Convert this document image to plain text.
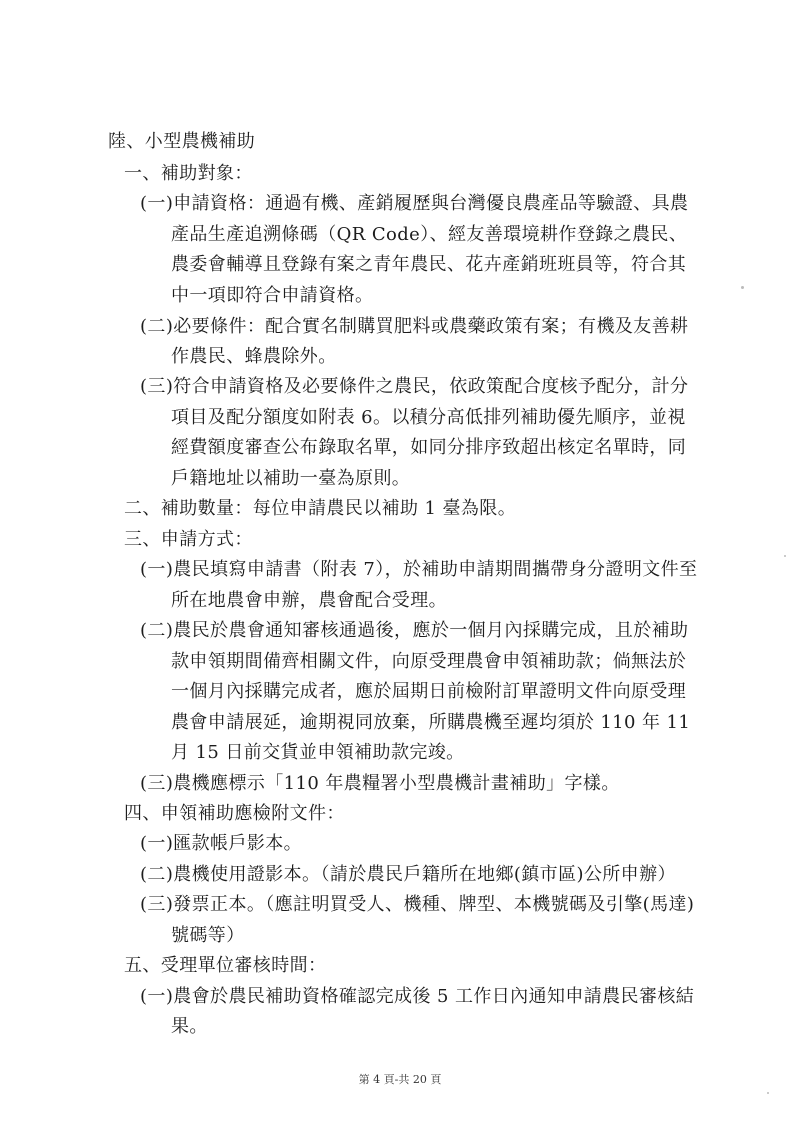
陸、小型農機補助
一、補助對象：
(一)申請資格：通過有機、產銷履歷與台灣優良農產品等驗證、具農
產品生產追溯條碼（QR Code）、經友善環境耕作登錄之農民、
農委會輔導且登錄有案之青年農民、花卉產銷班班員等，符合其
中一項即符合申請資格。
(二)必要條件：配合實名制購買肥料或農藥政策有案；有機及友善耕
作農民、蜂農除外。
(三)符合申請資格及必要條件之農民，依政策配合度核予配分，計分
項目及配分額度如附表 6。以積分高低排列補助優先順序，並視
經費額度審查公布錄取名單，如同分排序致超出核定名單時，同
戶籍地址以補助一臺為原則。
二、補助數量：每位申請農民以補助 1 臺為限。
三、申請方式：
(一)農民填寫申請書（附表 7），於補助申請期間攜帶身分證明文件至
所在地農會申辦，農會配合受理。
(二)農民於農會通知審核通過後，應於一個月內採購完成，且於補助
款申領期間備齊相關文件，向原受理農會申領補助款；倘無法於
一個月內採購完成者，應於屆期日前檢附訂單證明文件向原受理
農會申請展延，逾期視同放棄，所購農機至遲均須於 110 年 11
月 15 日前交貨並申領補助款完竣。
(三)農機應標示「110 年農糧署小型農機計畫補助」字樣。
四、申領補助應檢附文件：
(一)匯款帳戶影本。
(二)農機使用證影本。（請於農民戶籍所在地鄉(鎮市區)公所申辦）
(三)發票正本。（應註明買受人、機種、牌型、本機號碼及引擎(馬達)
號碼等）
五、受理單位審核時間：
(一)農會於農民補助資格確認完成後 5 工作日內通知申請農民審核結
果。
第 4 頁-共 20 頁
